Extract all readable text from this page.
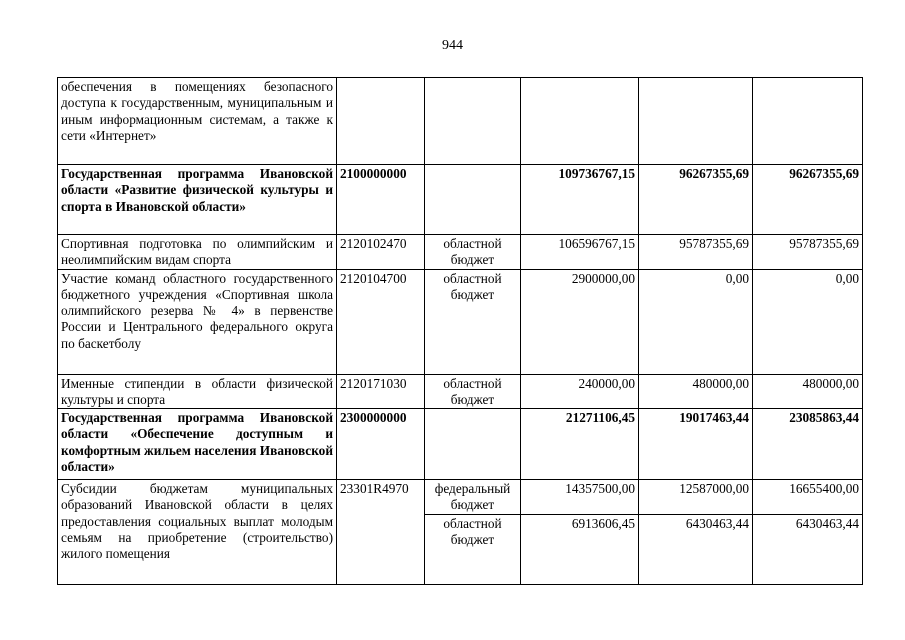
944
обеспечения в помещениях безопасного доступа к государственным, муниципальным и иным информационным системам, а также к сети «Интернет»					
Государственная программа Ивановской области «Развитие физической культуры и спорта в Ивановской области»	2100000000		109736767,15	96267355,69	96267355,69
Спортивная подготовка по олимпийским и неолимпийским видам спорта	2120102470	областной бюджет	106596767,15	95787355,69	95787355,69
Участие команд областного государственного бюджетного учреждения «Спортивная школа олимпийского резерва № 4» в первенстве России и Центрального федерального округа по баскетболу	2120104700	областной бюджет	2900000,00	0,00	0,00
Именные стипендии в области физической культуры и спорта	2120171030	областной бюджет	240000,00	480000,00	480000,00
Государственная программа Ивановской области «Обеспечение доступным и комфортным жильем населения Ивановской области»	2300000000		21271106,45	19017463,44	23085863,44
Субсидии бюджетам муниципальных образований Ивановской области в целях предоставления социальных выплат молодым семьям на приобретение (строительство) жилого помещения	23301R4970	федеральный бюджет	14357500,00	12587000,00	16655400,00
		областной бюджет	6913606,45	6430463,44	6430463,44
